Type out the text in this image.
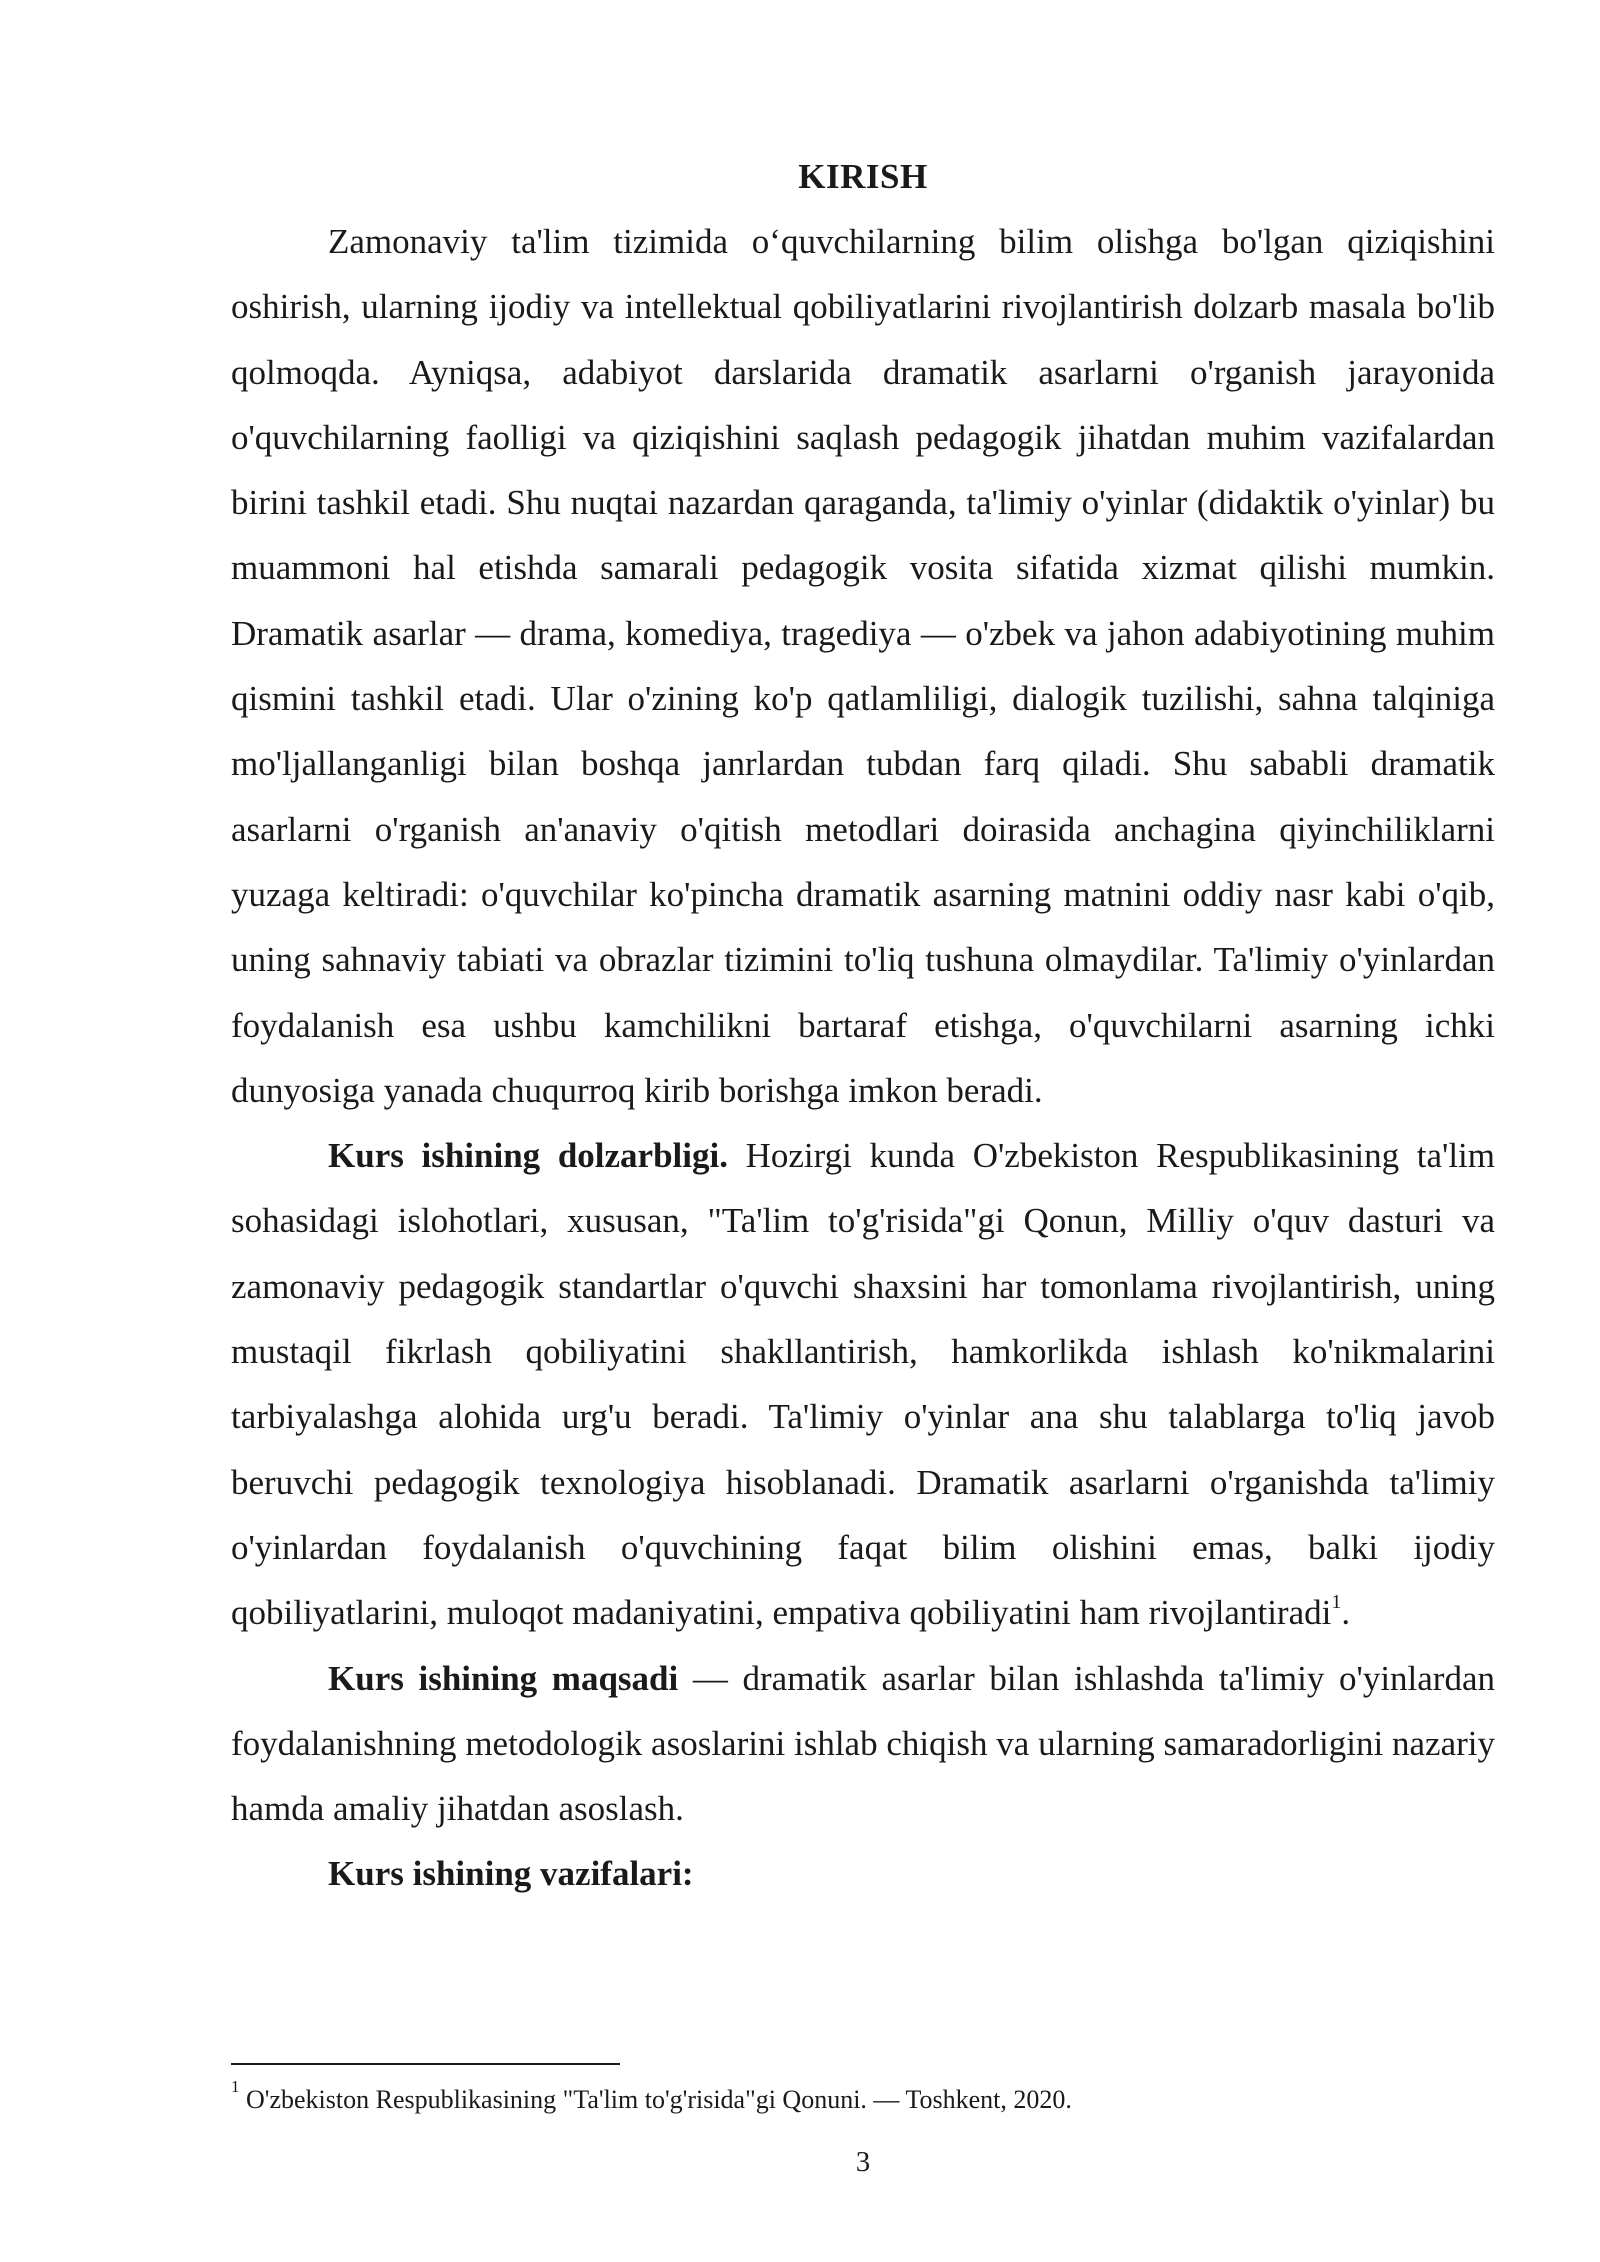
KIRISH

Zamonaviy ta'lim tizimida o‘quvchilarning bilim olishga bo'lgan qiziqishini oshirish, ularning ijodiy va intellektual qobiliyatlarini rivojlantirish dolzarb masala bo'lib qolmoqda. Ayniqsa, adabiyot darslarida dramatik asarlarni o'rganish jarayonida o'quvchilarning faolligi va qiziqishini saqlash pedagogik jihatdan muhim vazifalardan birini tashkil etadi. Shu nuqtai nazardan qaraganda, ta'limiy o'yinlar (didaktik o'yinlar) bu muammoni hal etishda samarali pedagogik vosita sifatida xizmat qilishi mumkin. Dramatik asarlar — drama, komediya, tragediya — o'zbek va jahon adabiyotining muhim qismini tashkil etadi. Ular o'zining ko'p qatlamliligi, dialogik tuzilishi, sahna talqiniga mo'ljallanganligi bilan boshqa janrlardan tubdan farq qiladi. Shu sababli dramatik asarlarni o'rganish an'anaviy o'qitish metodlari doirasida anchagina qiyinchiliklarni yuzaga keltiradi: o'quvchilar ko'pincha dramatik asarning matnini oddiy nasr kabi o'qib, uning sahnaviy tabiati va obrazlar tizimini to'liq tushuna olmaydilar. Ta'limiy o'yinlardan foydalanish esa ushbu kamchilikni bartaraf etishga, o'quvchilarni asarning ichki dunyosiga yanada chuqurroq kirib borishga imkon beradi.

Kurs ishining dolzarbligi. Hozirgi kunda O'zbekiston Respublikasining ta'lim sohasidagi islohotlari, xususan, "Ta'lim to'g'risida"gi Qonun, Milliy o'quv dasturi va zamonaviy pedagogik standartlar o'quvchi shaxsini har tomonlama rivojlantirish, uning mustaqil fikrlash qobiliyatini shakllantirish, hamkorlikda ishlash ko'nikmalarini tarbiyalashga alohida urg'u beradi. Ta'limiy o'yinlar ana shu talablarga to'liq javob beruvchi pedagogik texnologiya hisoblanadi. Dramatik asarlarni o'rganishda ta'limiy o'yinlardan foydalanish o'quvchining faqat bilim olishini emas, balki ijodiy qobiliyatlarini, muloqot madaniyatini, empativa qobiliyatini ham rivojlantiradi$^1$.

Kurs ishining maqsadi — dramatik asarlar bilan ishlashda ta'limiy o'yinlardan foydalanishning metodologik asoslarini ishlab chiqish va ularning samaradorligini nazariy hamda amaliy jihatdan asoslash.

Kurs ishining vazifalari:

$^1$ O'zbekiston Respublikasining "Ta'lim to'g'risida"gi Qonuni. — Toshkent, 2020.

3
